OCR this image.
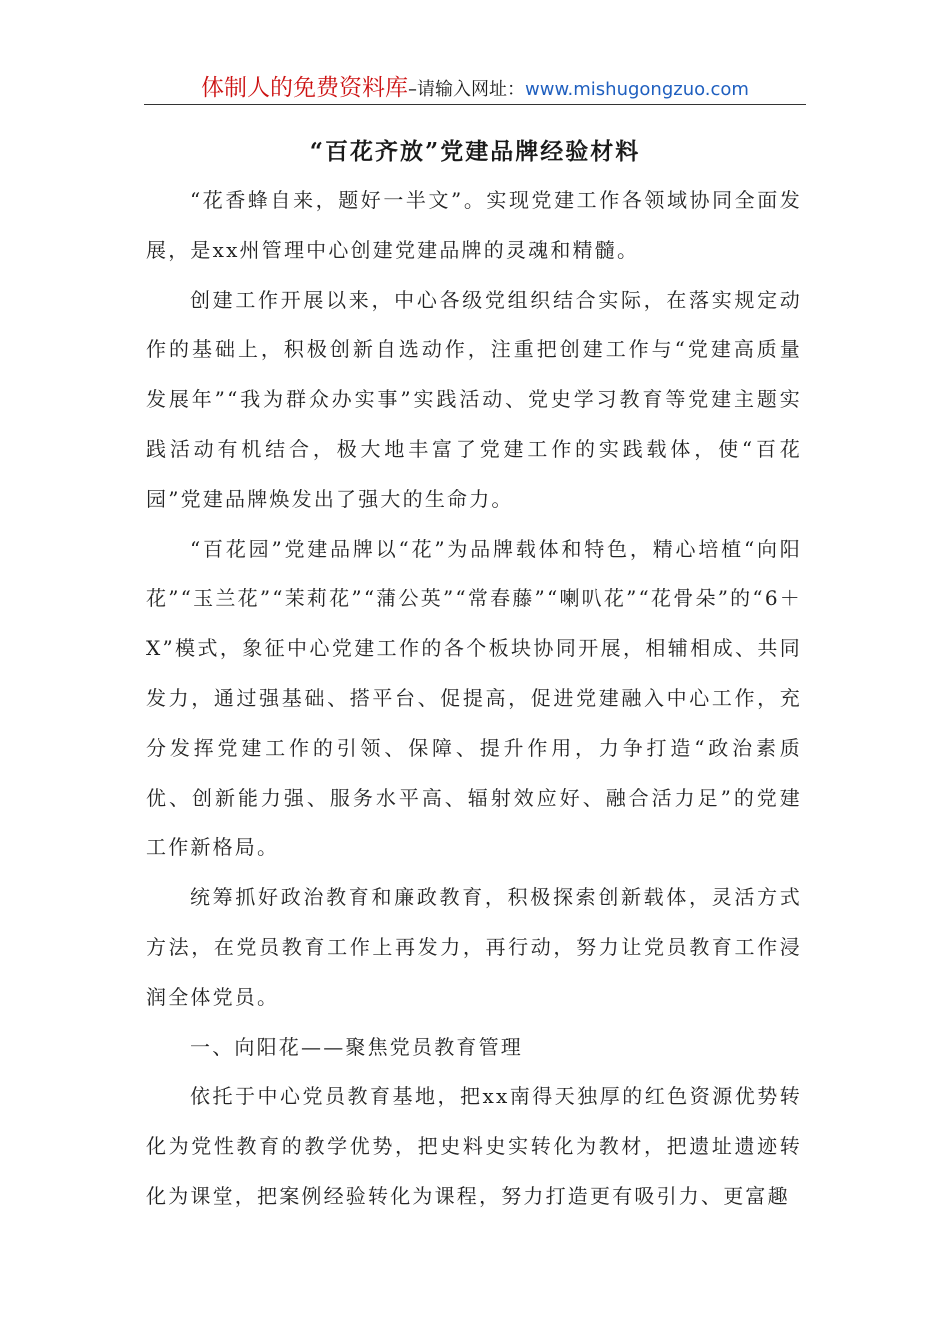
体制人的免费资料库–请输入网址：www.mishugongzuo.com
“百花齐放”党建品牌经验材料

“花香蜂自来，题好一半文”。实现党建工作各领域协同全面发展，是xx州管理中心创建党建品牌的灵魂和精髓。

创建工作开展以来，中心各级党组织结合实际，在落实规定动作的基础上，积极创新自选动作，注重把创建工作与“党建高质量发展年”“我为群众办实事”实践活动、党史学习教育等党建主题实践活动有机结合，极大地丰富了党建工作的实践载体，使“百花园”党建品牌焕发出了强大的生命力。

“百花园”党建品牌以“花”为品牌载体和特色，精心培植“向阳花”“玉兰花”“茉莉花”“蒲公英”“常春藤”“喇叭花”“花骨朵”的“6＋X”模式，象征中心党建工作的各个板块协同开展，相辅相成、共同发力，通过强基础、搭平台、促提高，促进党建融入中心工作，充分发挥党建工作的引领、保障、提升作用，力争打造“政治素质优、创新能力强、服务水平高、辐射效应好、融合活力足”的党建工作新格局。

统筹抓好政治教育和廉政教育，积极探索创新载体，灵活方式方法，在党员教育工作上再发力，再行动，努力让党员教育工作浸润全体党员。

一、向阳花——聚焦党员教育管理

依托于中心党员教育基地，把xx南得天独厚的红色资源优势转化为党性教育的教学优势，把史料史实转化为教材，把遗址遗迹转化为课堂，把案例经验转化为课程，努力打造更有吸引力、更富趣
